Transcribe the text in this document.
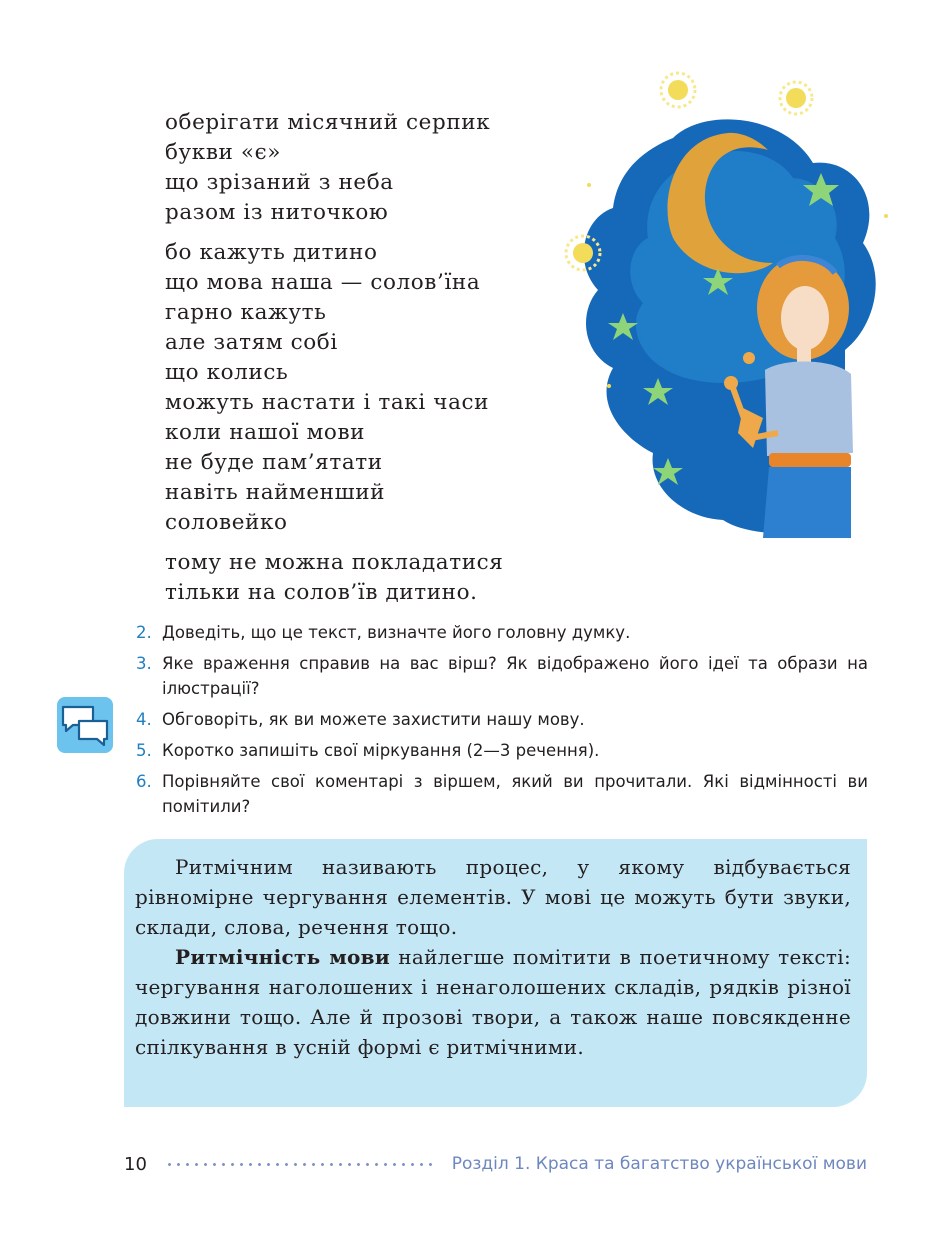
оберігати місячний серпик
букви «є»
що зрізаний з неба
разом із ниточкою
бо кажуть дитино
що мова наша — солов’їна
гарно кажуть
але затям собі
що колись
можуть настати і такі часи
коли нашої мови
не буде пам’ятати
навіть найменший
соловейко
тому не можна покладатися
тільки на солов’їв дитино.
2. Доведіть, що це текст, визначте його головну думку.
3. Яке враження справив на вас вірш? Як відображено його ідеї та образи на ілюстрації?
4. Обговоріть, як ви можете захистити нашу мову.
5. Коротко запишіть свої міркування (2—3 речення).
6. Порівняйте свої коментарі з віршем, який ви прочитали. Які відмінності ви помітили?

Ритмічним називають процес, у якому відбувається рівномірне чергування елементів. У мові це можуть бути звуки, склади, слова, речення тощо.

Ритмічність мови найлегше помітити в поетичному тексті: чергування наголошених і ненаголошених складів, рядків різної довжини тощо. Але й прозові твори, а також наше повсякденне спілкування в усній формі є ритмічними.

10	Розділ 1. Краса та багатство української мови
